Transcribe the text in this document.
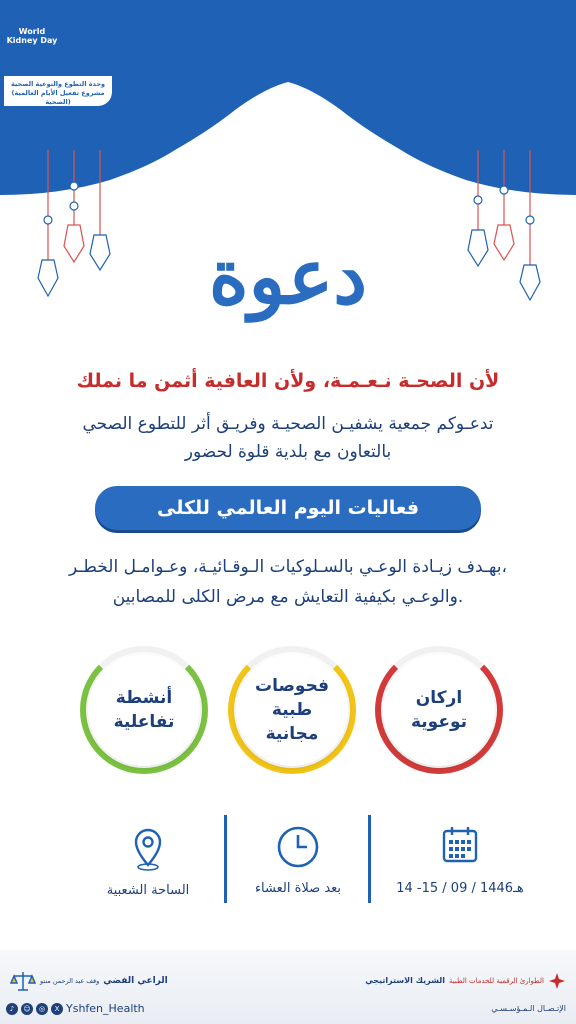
World Kidney Day
وزارة الصحة
Ministry of Health
التطوع الصحي
HEALTH VOLUNTEERING	قلوة
أثر
Athar
جمعية يشفين الصحية
YASHFEEN HEALTH ASSOCIATION
LICENSE NO (1190) ترخيص رقم
إدارة البرامج والخدمات الصحية
وحدة التطوع والتوعية الصحية
(مشروع تفعيل الأيام العالمية الصحية)
دعوة
لأن الصحـة نـعـمـة، ولأن العافية أثمن ما نملك
تدعـوكم جمعية يشفيـن الصحيـة وفريـق أثر للتطوع الصحي
بالتعاون مع بلدية قلوة لحضور
فعاليات اليوم العالمي للكلى
بهـدف زيـادة الوعـي بالسـلوكيات الـوقـائيـة، وعـوامـل الخطـر،
والوعـي بكيفية التعايش مع مرض الكلى للمصابين.
اركان
توعوية
فحوصات
طبية
مجانية
أنشطة
تفاعلية
14 -15 / 09 / 1446هـ
بعد صلاة العشاء
الساحة الشعبية
الشريك الاستراتيجي الطوارئ الرقمية للخدمات الطبية
الإتـصـال الـمـؤسـسـي
وقف عبد الرحمن منتو الراعي الفضي
♪	☺	◎	X Yshfen_Health
